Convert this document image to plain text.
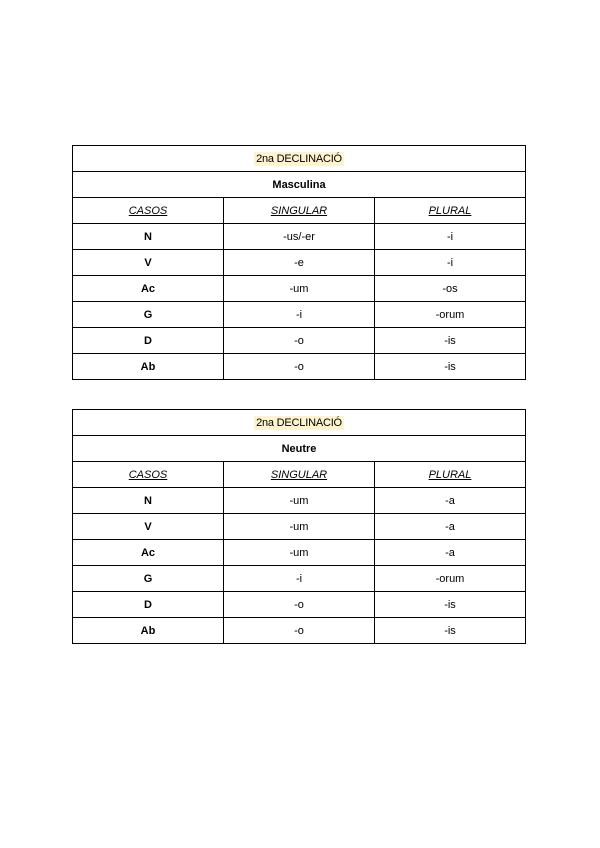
2na DECLINACIÓ		
Masculina		
CASOS	SINGULAR	PLURAL
N	-us/-er	-i
V	-e	-i
Ac	-um	-os
G	-i	-orum
D	-o	-is
Ab	-o	-is
2na DECLINACIÓ		
Neutre		
CASOS	SINGULAR	PLURAL
N	-um	-a
V	-um	-a
Ac	-um	-a
G	-i	-orum
D	-o	-is
Ab	-o	-is
